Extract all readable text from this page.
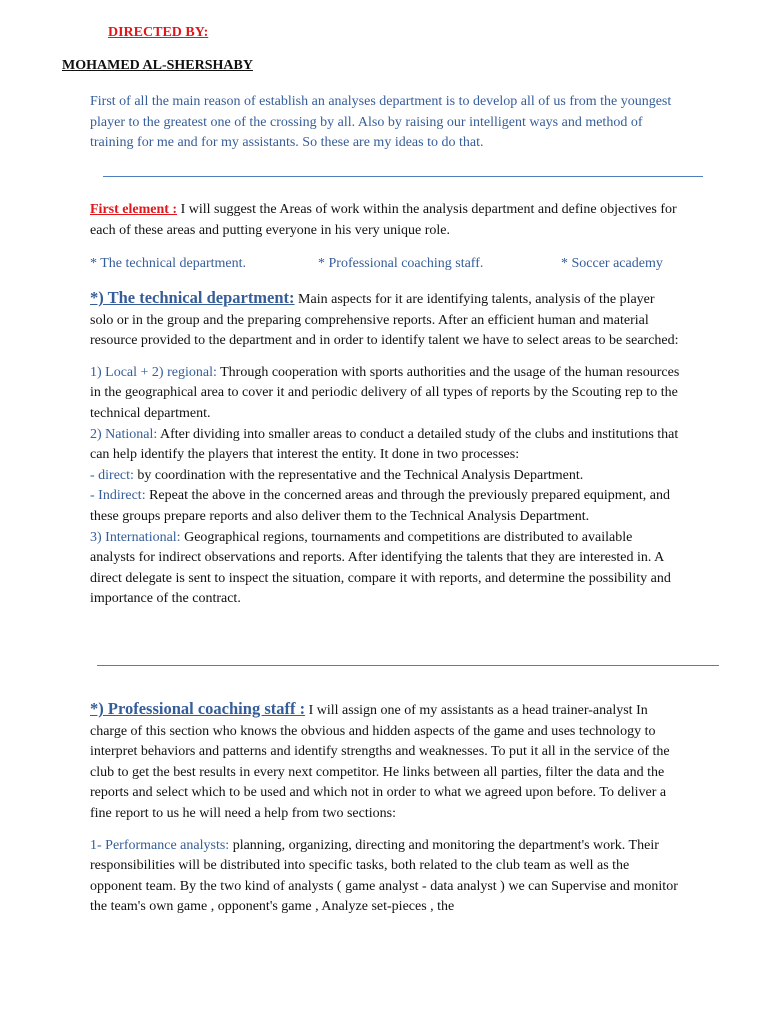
DIRECTED BY:
MOHAMED AL-SHERSHABY
First of all the main reason of establish an analyses department is to develop all of us from the youngest player to the greatest one of the crossing by all. Also by raising our intelligent ways and method of training for me and for my assistants. So these are my ideas to do that.
First element : I will suggest the Areas of work within the analysis department and define objectives for each of these areas and putting everyone in his very unique role.
* The technical department.	* Professional coaching staff.	* Soccer academy
*) The technical department: Main aspects for it are identifying talents, analysis of the player solo or in the group and the preparing comprehensive reports. After an efficient human and material resource provided to the department and in order to identify talent we have to select areas to be searched:
1) Local + 2) regional: Through cooperation with sports authorities and the usage of the human resources in the geographical area to cover it and periodic delivery of all types of reports by the Scouting rep to the technical department.
2) National: After dividing into smaller areas to conduct a detailed study of the clubs and institutions that can help identify the players that interest the entity. It done in two processes:
- direct: by coordination with the representative and the Technical Analysis Department.
- Indirect: Repeat the above in the concerned areas and through the previously prepared equipment, and these groups prepare reports and also deliver them to the Technical Analysis Department.
3) International: Geographical regions, tournaments and competitions are distributed to available analysts for indirect observations and reports. After identifying the talents that they are interested in. A direct delegate is sent to inspect the situation, compare it with reports, and determine the possibility and importance of the contract.
*) Professional coaching staff : I will assign one of my assistants as a head trainer-analyst In charge of this section who knows the obvious and hidden aspects of the game and uses technology to interpret behaviors and patterns and identify strengths and weaknesses. To put it all in the service of the club to get the best results in every next competitor. He links between all parties, filter the data and the reports and select which to be used and which not in order to what we agreed upon before. To deliver a fine report to us he will need a help from two sections:
1- Performance analysts: planning, organizing, directing and monitoring the department's work. Their responsibilities will be distributed into specific tasks, both related to the club team as well as the opponent team. By the two kind of analysts ( game analyst - data analyst ) we can Supervise and monitor the team's own game , opponent's game , Analyze set-pieces , the
